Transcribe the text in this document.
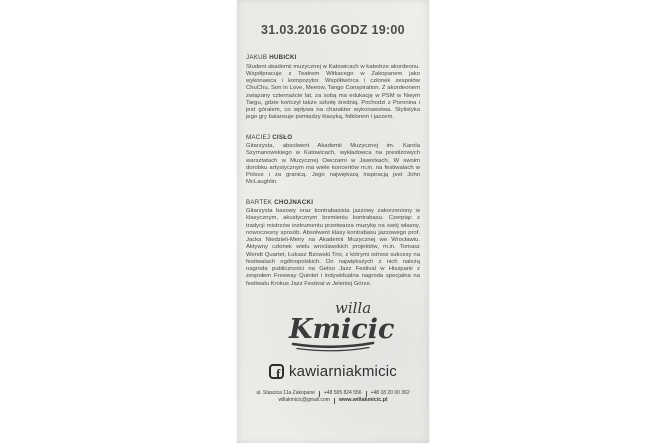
31.03.2016 GODZ 19:00
JAKUB HUBICKI
Student akademii muzycznej w Katowicach w katedrze akordeonu. Współpracuje z Teatrem Witkacego w Zakopanem jako wykonawca i kompozytor. Współtwórca i członek zespołów ChuChu, Son in Love, Meeow, Tango Conspiration. Z akordeonem związany czternaście lat, za sobą ma edukację w PSM w Nwym Targu, gdzie kończył także szkołę średnią. Pochodzi z Poronina i jest góralem, co wpływa na charakter wykonawstwa. Stylistyka jego gry balansuje pomiędzy klasyką, folklorem i jazzem.
MACIEJ CISŁO
Gitarzysta, absolwent Akademii Muzycznej im. Karola Szymanowskiego w Katowicach, wykładowca na prestiżowych warsztatach w Muzycznej Owczarni w Jaworkach. W swoim dorobku artystycznym ma wiele koncertów m.in. na festiwalach w Polsce i za granicą. Jego największą inspiracją jest John McLaughlin.
BARTEK CHOJNACKI
Gitarzysta basowy oraz kontrabasista jazzowy zakorzeniony w klasycznym, akustycznym brzmieniu kontrabasu. Czerpiąc z tradycji mistrzów instrumentu przetwarza muzykę na swój własny, nowoczesny sposób. Absolwent klasy kontrabasu jazzowego prof. Jacka Niedzieli-Meiry na Akademii Muzycznej we Wrocławiu. Aktywny członek wielu wrocławskich projektów, m.in. Tomasz Wendt Quartet, Łukasz Bzowski Trio, z którymi odnosi sukcesy na festiwalach ogólnopolskich. Do największych z nich należą nagroda publiczności na Getxo Jazz Festival w Hiszpanii z zespołem Freeway Quintet i indywidualna nagroda specjalna na festiwalu Krokus Jazz Festival w Jeleniej Górze.
willa
Kmicic
f kawiarniakmicic
ul. Staszica 11a Zakopane +48 505 824 556 +48 18 20 00 362
willakmicic@gmail.com www.willakmicic.pl
